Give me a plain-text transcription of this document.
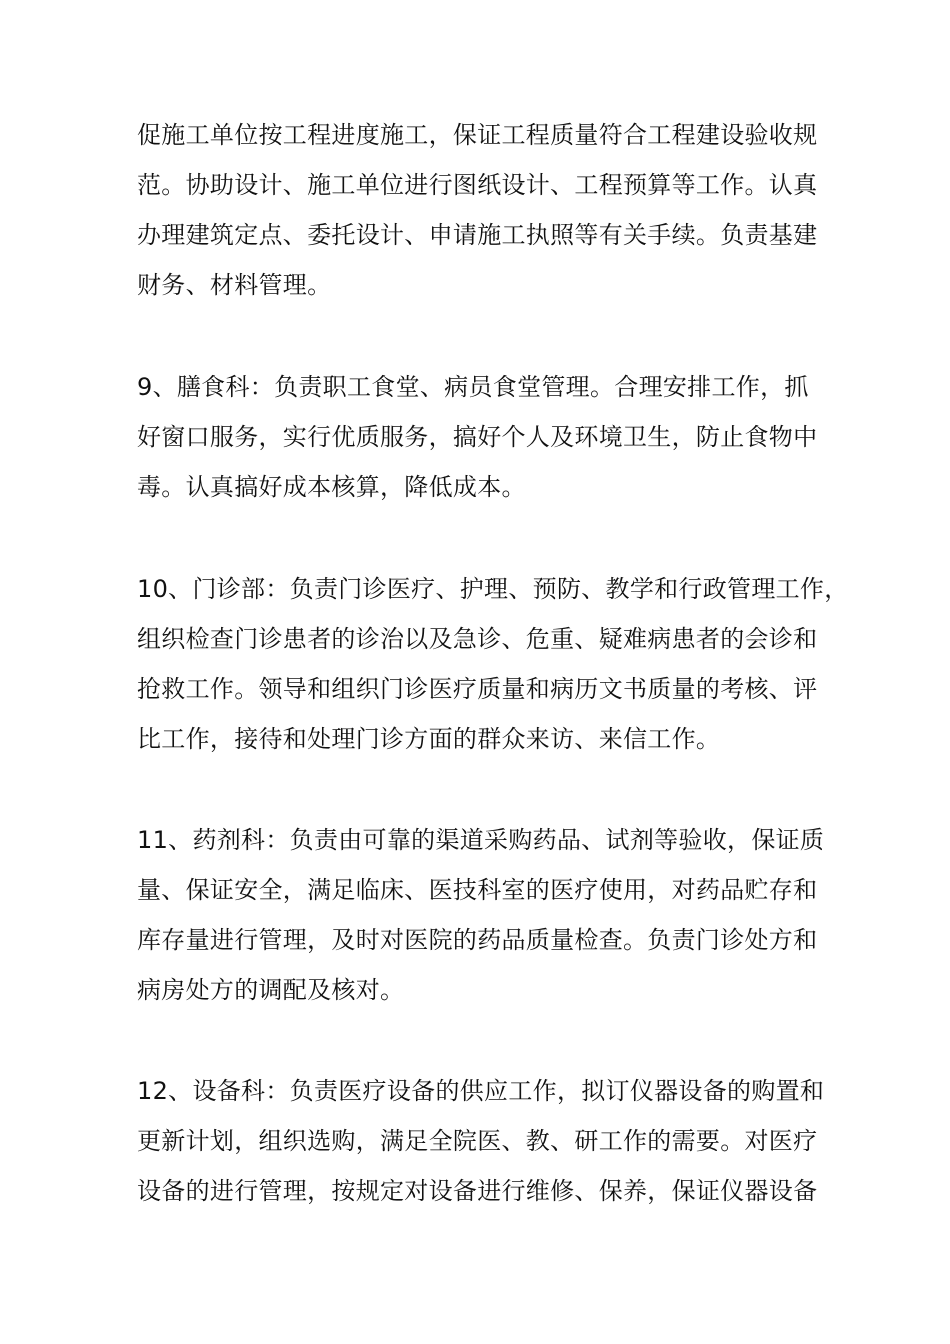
促施工单位按工程进度施工，保证工程质量符合工程建设验收规
范。协助设计、施工单位进行图纸设计、工程预算等工作。认真
办理建筑定点、委托设计、申请施工执照等有关手续。负责基建
财务、材料管理。
9、膳食科：负责职工食堂、病员食堂管理。合理安排工作，抓
好窗口服务，实行优质服务，搞好个人及环境卫生，防止食物中
毒。认真搞好成本核算，降低成本。
10、门诊部：负责门诊医疗、护理、预防、教学和行政管理工作，
组织检查门诊患者的诊治以及急诊、危重、疑难病患者的会诊和
抢救工作。领导和组织门诊医疗质量和病历文书质量的考核、评
比工作，接待和处理门诊方面的群众来访、来信工作。
11、药剂科：负责由可靠的渠道采购药品、试剂等验收，保证质
量、保证安全，满足临床、医技科室的医疗使用，对药品贮存和
库存量进行管理，及时对医院的药品质量检查。负责门诊处方和
病房处方的调配及核对。
12、设备科：负责医疗设备的供应工作，拟订仪器设备的购置和
更新计划，组织选购，满足全院医、教、研工作的需要。对医疗
设备的进行管理，按规定对设备进行维修、保养，保证仪器设备
